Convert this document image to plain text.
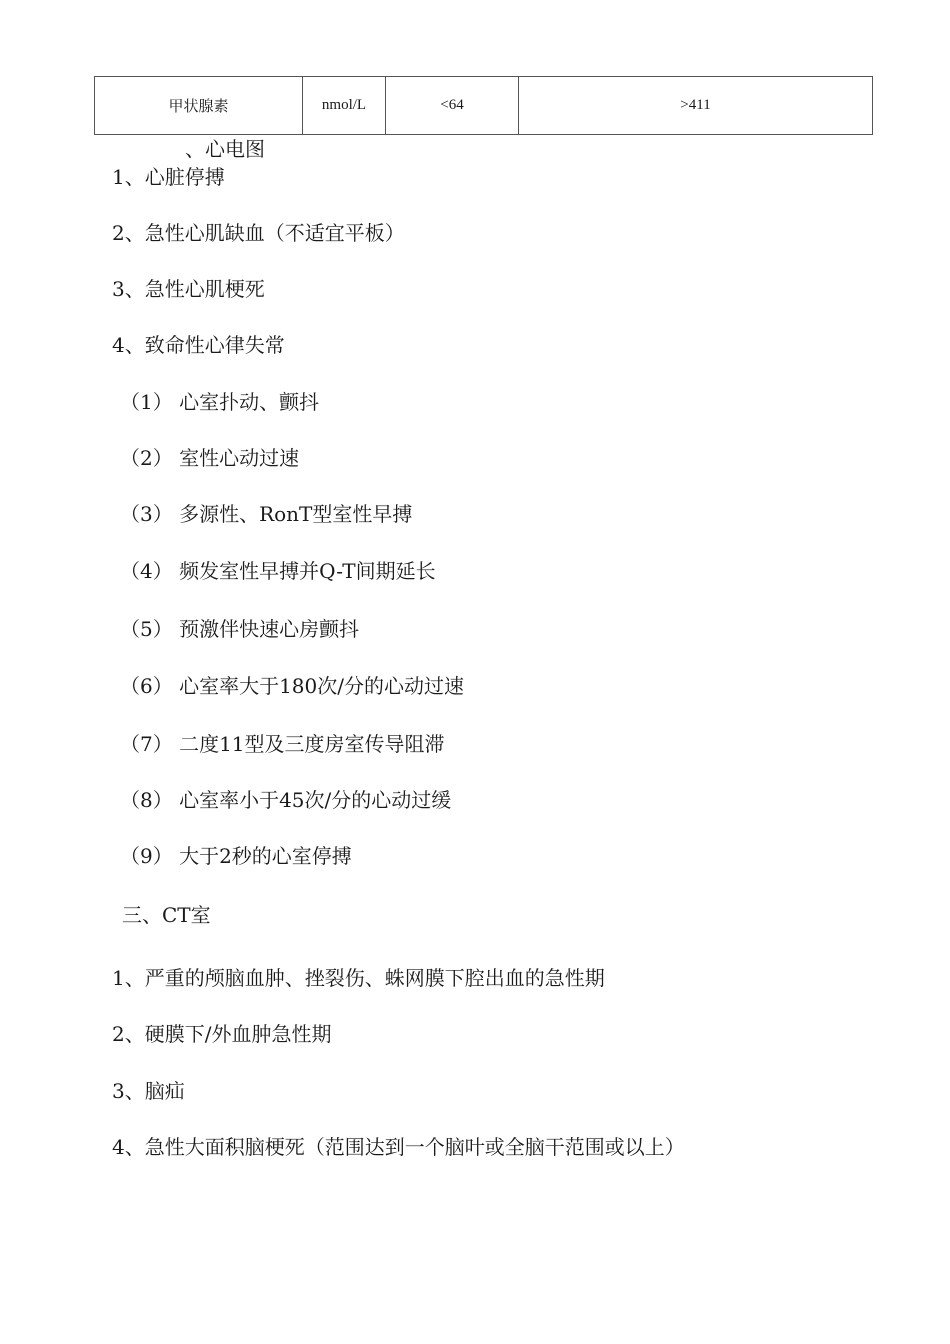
甲状腺素	nmol/L	<64	>411
、心电图
1、心脏停搏
2、急性心肌缺血（不适宜平板）
3、急性心肌梗死
4、致命性心律失常
（1） 心室扑动、颤抖
（2） 室性心动过速
（3） 多源性、RonT型室性早搏
（4） 频发室性早搏并Q-T间期延长
（5） 预激伴快速心房颤抖
（6） 心室率大于180次/分的心动过速
（7） 二度11型及三度房室传导阻滞
（8） 心室率小于45次/分的心动过缓
（9） 大于2秒的心室停搏
三、CT室
1、严重的颅脑血肿、挫裂伤、蛛网膜下腔出血的急性期
2、硬膜下/外血肿急性期
3、脑疝
4、急性大面积脑梗死（范围达到一个脑叶或全脑干范围或以上）
